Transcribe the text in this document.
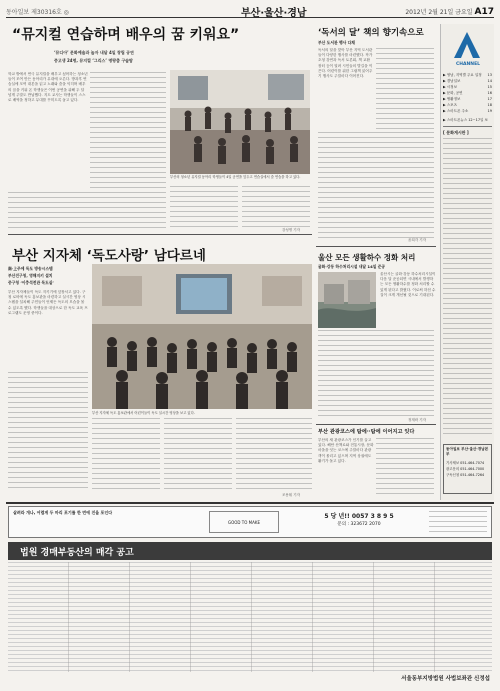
동아일보 제30316호 ◎	부산·울산·경남	2012년 2월 21일 금요일 A17
“뮤지컬 연습하며 배우의 꿈 키워요”
‘뮤디아’ 문화예술과 놀자 내달 4일 창립 공연
중고생 24명, 뮤지컬 ‘그리스’ 명랑춤 구슬땀
학교 밖에서 연극 뮤지컬을 배우고 싶어하는 청소년들이 모여 만든 동아리가 무대에 오른다. 방과후 연습실에 모여 대본을 읽고 노래와 춤을 익히며 배우의 꿈을 키워 온 학생들은 이번 공연을 위해 두 달 넘게 주말도 반납했다. 지도 교사는 학생들이 스스로 배역을 정하고 무대를 꾸미도록 돕고 있다.
부산의 청소년 뮤지컬 동아리 학생들이 4일 공연을 앞두고 연습실에서 춤 연습을 하고 있다.
강성명 기자
부산 지자체 ‘독도사랑’ 남다르네
南·上주에 독도 방송시스템
부산진구청, 영해지키 설치
중구청 ‘이충석전관 독도실’
부산 지자체들이 독도 지키기에 앞장서고 있다. 구청 로비에 독도 홍보관을 마련하고 실시간 영상 시스템을 설치해 주민들이 언제든 독도의 모습을 볼 수 있도록 했다. 학생들을 대상으로 한 독도 교육 프로그램도 운영 중이다.
부산 지자체 독도 홍보관에서 어린이들이 독도 실시간 영상을 보고 있다.
조용휘 기자
‘독서의 달’ 책의 향기속으로
부산 도서관 행사 다채
독서의 달을 맞아 부산 지역 도서관들이 다양한 행사를 마련했다. 작가 초청 강연과 독서 토론회, 책 교환 장터 등이 열려 시민들의 발길을 이끈다. 어린이를 위한 그림책 읽어주기 행사도 주말마다 이어진다.
윤희각 기자
울산 모든 생활하수 정화 처리
굴화·강동 하수처리시설 내달 14일 준공
울산시는 굴화·강동 하수처리시설이 다음 달 준공되면 시내에서 발생하는 모든 생활하수를 정화 처리할 수 있게 된다고 밝혔다. 이로써 하천 수질이 크게 개선될 것으로 기대된다.
정재락 기자
부산 관광코스에 탐에··탐에 이어지고 잇다
부산의 새 관광코스가 인기를 끌고 있다. 해안 산책로와 전통시장, 문화마을을 잇는 코스에 주말마다 관광객이 몰리고 있으며 지역 상권에도 활기가 돌고 있다.
CHANNEL
▶ 영남, 지역별 주요 일정 13
▶ 경남일보	14
▶ 시정보	15
▶ 문화, 공연	16
▶ 생활정보	17
▶ 스포츠	18
▶ 스마트폰 주소	19
▶ 스마트폰뉴스 12~17일 보
[ 문화게시판 ]
동아일보 부산·울산·경남본부
기사제보 051-464-7074
광고문의 051-464-7000
구독신청 051-464-7264
살려라 개나, 어렵게 두 마리 포기를 한 번에 진을 포인다
GOOD TO MAKE
5 당 년!! 0057 3 8 9 5
문의 : 323672 2070
법원 경매부동산의 매각 공고
서울동부지방법원 사법보좌관 신정섭
